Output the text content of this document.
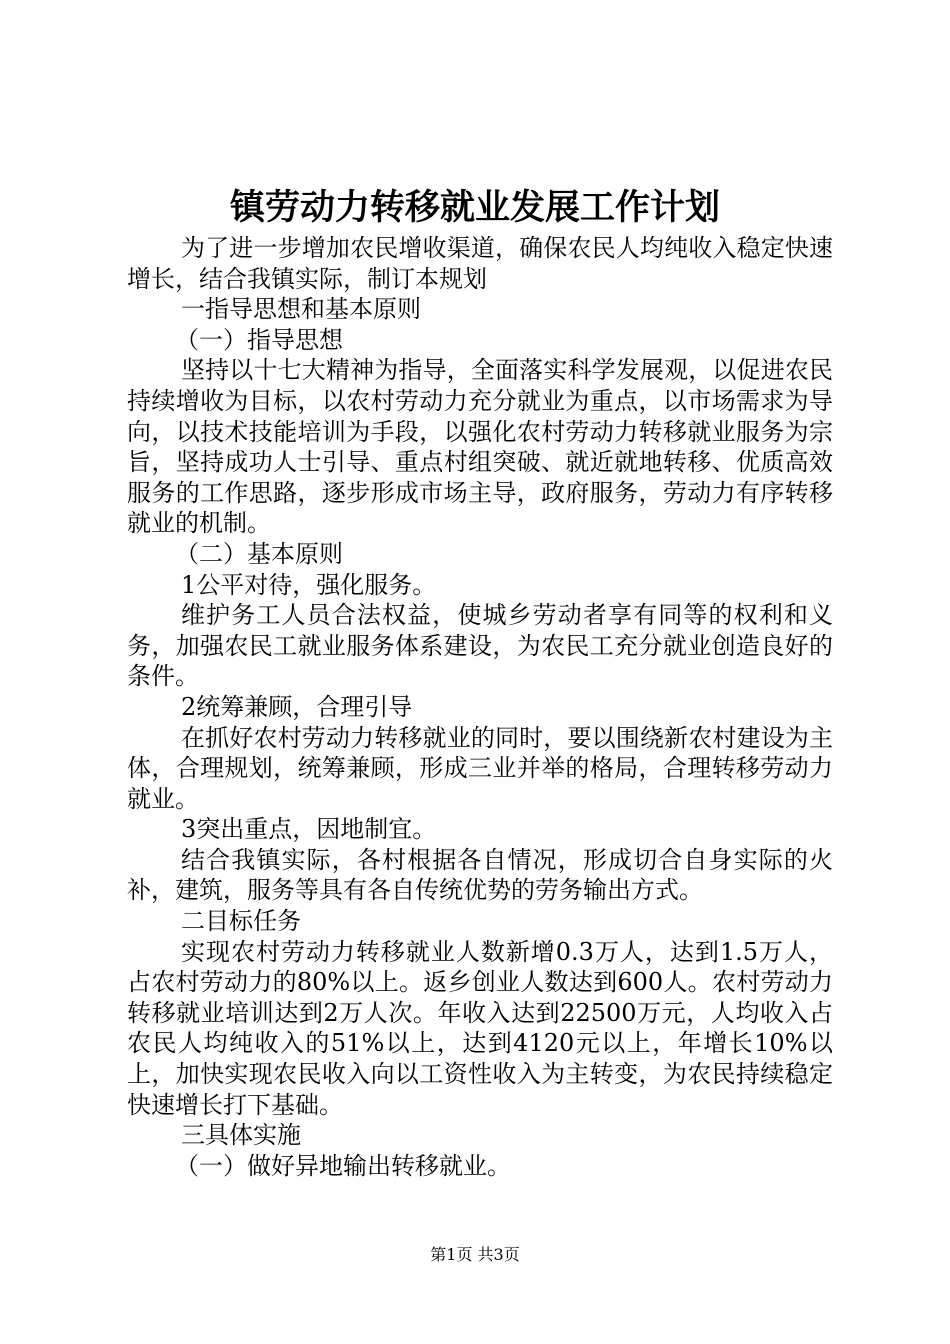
镇劳动力转移就业发展工作计划

为了进一步增加农民增收渠道，确保农民人均纯收入稳定快速增长，结合我镇实际，制订本规划

一指导思想和基本原则

（一）指导思想

坚持以十七大精神为指导，全面落实科学发展观，以促进农民持续增收为目标，以农村劳动力充分就业为重点，以市场需求为导向，以技术技能培训为手段，以强化农村劳动力转移就业服务为宗旨，坚持成功人士引导、重点村组突破、就近就地转移、优质高效服务的工作思路，逐步形成市场主导，政府服务，劳动力有序转移就业的机制。

（二）基本原则

1公平对待，强化服务。

维护务工人员合法权益，使城乡劳动者享有同等的权利和义务，加强农民工就业服务体系建设，为农民工充分就业创造良好的条件。

2统筹兼顾，合理引导

在抓好农村劳动力转移就业的同时，要以围绕新农村建设为主体，合理规划，统筹兼顾，形成三业并举的格局，合理转移劳动力就业。

3突出重点，因地制宜。

结合我镇实际，各村根据各自情况，形成切合自身实际的火补，建筑，服务等具有各自传统优势的劳务输出方式。

二目标任务

实现农村劳动力转移就业人数新增0.3万人，达到1.5万人，占农村劳动力的80%以上。返乡创业人数达到600人。农村劳动力转移就业培训达到2万人次。年收入达到22500万元，人均收入占农民人均纯收入的51%以上，达到4120元以上，年增长10%以上，加快实现农民收入向以工资性收入为主转变，为农民持续稳定快速增长打下基础。

三具体实施

（一）做好异地输出转移就业。

第1页 共3页
